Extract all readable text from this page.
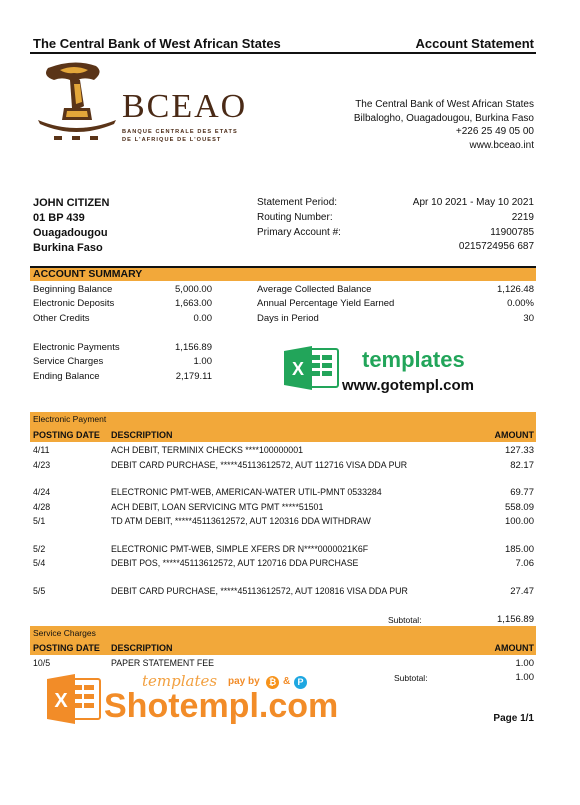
The Central Bank of West African States	Account Statement
BCEAO
BANQUE CENTRALE DES ETATS
DE L'AFRIQUE DE L'OUEST
The Central Bank of West African States
Bilbalogho, Ouagadougou, Burkina Faso
+226 25 49 05 00
www.bceao.int
JOHN CITIZEN
01 BP 439
Ouagadougou
Burkina Faso
Statement Period:	Apr 10 2021 - May 10 2021
Routing Number:	2219
Primary Account #:	11900785
0215724956 687
ACCOUNT SUMMARY
Beginning Balance	5,000.00
Electronic Deposits	1,663.00
Other Credits	0.00
Electronic Payments	1,156.89
Service Charges	1.00
Ending Balance	2,179.11
Average Collected Balance	1,126.48
Annual Percentage Yield Earned	0.00%
Days in Period	30
X	templates
www.gotempl.com
Electronic Payment
POSTING DATE DESCRIPTION	AMOUNT
4/11	ACH DEBIT, TERMINIX CHECKS ****100000001	127.33
4/23	DEBIT CARD PURCHASE, *****45113612572, AUT 112716 VISA DDA PUR	82.17
4/24	ELECTRONIC PMT-WEB, AMERICAN-WATER UTIL-PMNT 0533284	69.77
4/28	ACH DEBIT, LOAN SERVICING MTG PMT *****51501	558.09
5/1	TD ATM DEBIT, *****45113612572, AUT 120316 DDA WITHDRAW	100.00
5/2	ELECTRONIC PMT-WEB, SIMPLE XFERS DR N****0000021K6F	185.00
5/4	DEBIT POS, *****45113612572, AUT 120716 DDA PURCHASE	7.06
5/5	DEBIT CARD PURCHASE, *****45113612572, AUT 120816 VISA DDA PUR	27.47
Subtotal:	1,156.89
Service Charges
POSTING DATE DESCRIPTION	AMOUNT
10/5	PAPER STATEMENT FEE	1.00
Subtotal:	1.00
X
templates pay by	₿ & P
Shotempl.com	Page 1/1
